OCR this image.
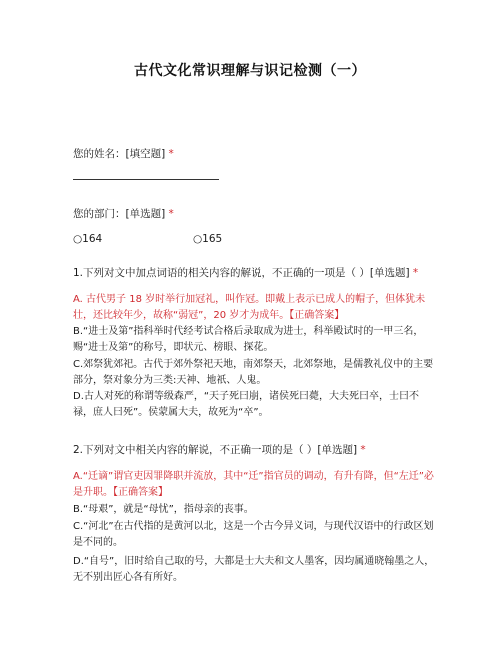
古代文化常识理解与识记检测（一）
您的姓名：[填空题] *
您的部门：[单选题] *
○164	○165
1.下列对文中加点词语的相关内容的解说，不正确的一项是（ ）[单选题] *
A. 古代男子 18 岁时举行加冠礼，叫作冠。即戴上表示已成人的帽子，但体犹未壮，还比较年少，故称“弱冠”，20 岁才为成年。【正确答案】
B.“进士及第”指科举时代经考试合格后录取成为进士，科举殿试时的一甲三名，赐“进士及第”的称号，即状元、榜眼、探花。
C.郊祭犹郊祀。古代于郊外祭祀天地，南郊祭天，北郊祭地，是儒教礼仪中的主要部分，祭对象分为三类:天神、地祇、人鬼。
D.古人对死的称谓等级森严，“天子死曰崩，诸侯死曰薨，大夫死曰卒，士曰不禄，庶人曰死”。侯蒙属大夫，故死为“卒”。
2.下列对文中相关内容的解说，不正确一项的是（ ）[单选题] *
A.“迁谪”谓官吏因罪降职并流放，其中“迁”指官员的调动，有升有降，但“左迁”必是升职。【正确答案】
B.“母艰”，就是“母忧”，指母亲的丧事。
C.“河北”在古代指的是黄河以北，这是一个古今异义词，与现代汉语中的行政区划是不同的。
D.“自号”，旧时给自己取的号，大都是士大夫和文人墨客，因均属通晓翰墨之人，无不别出匠心各有所好。
